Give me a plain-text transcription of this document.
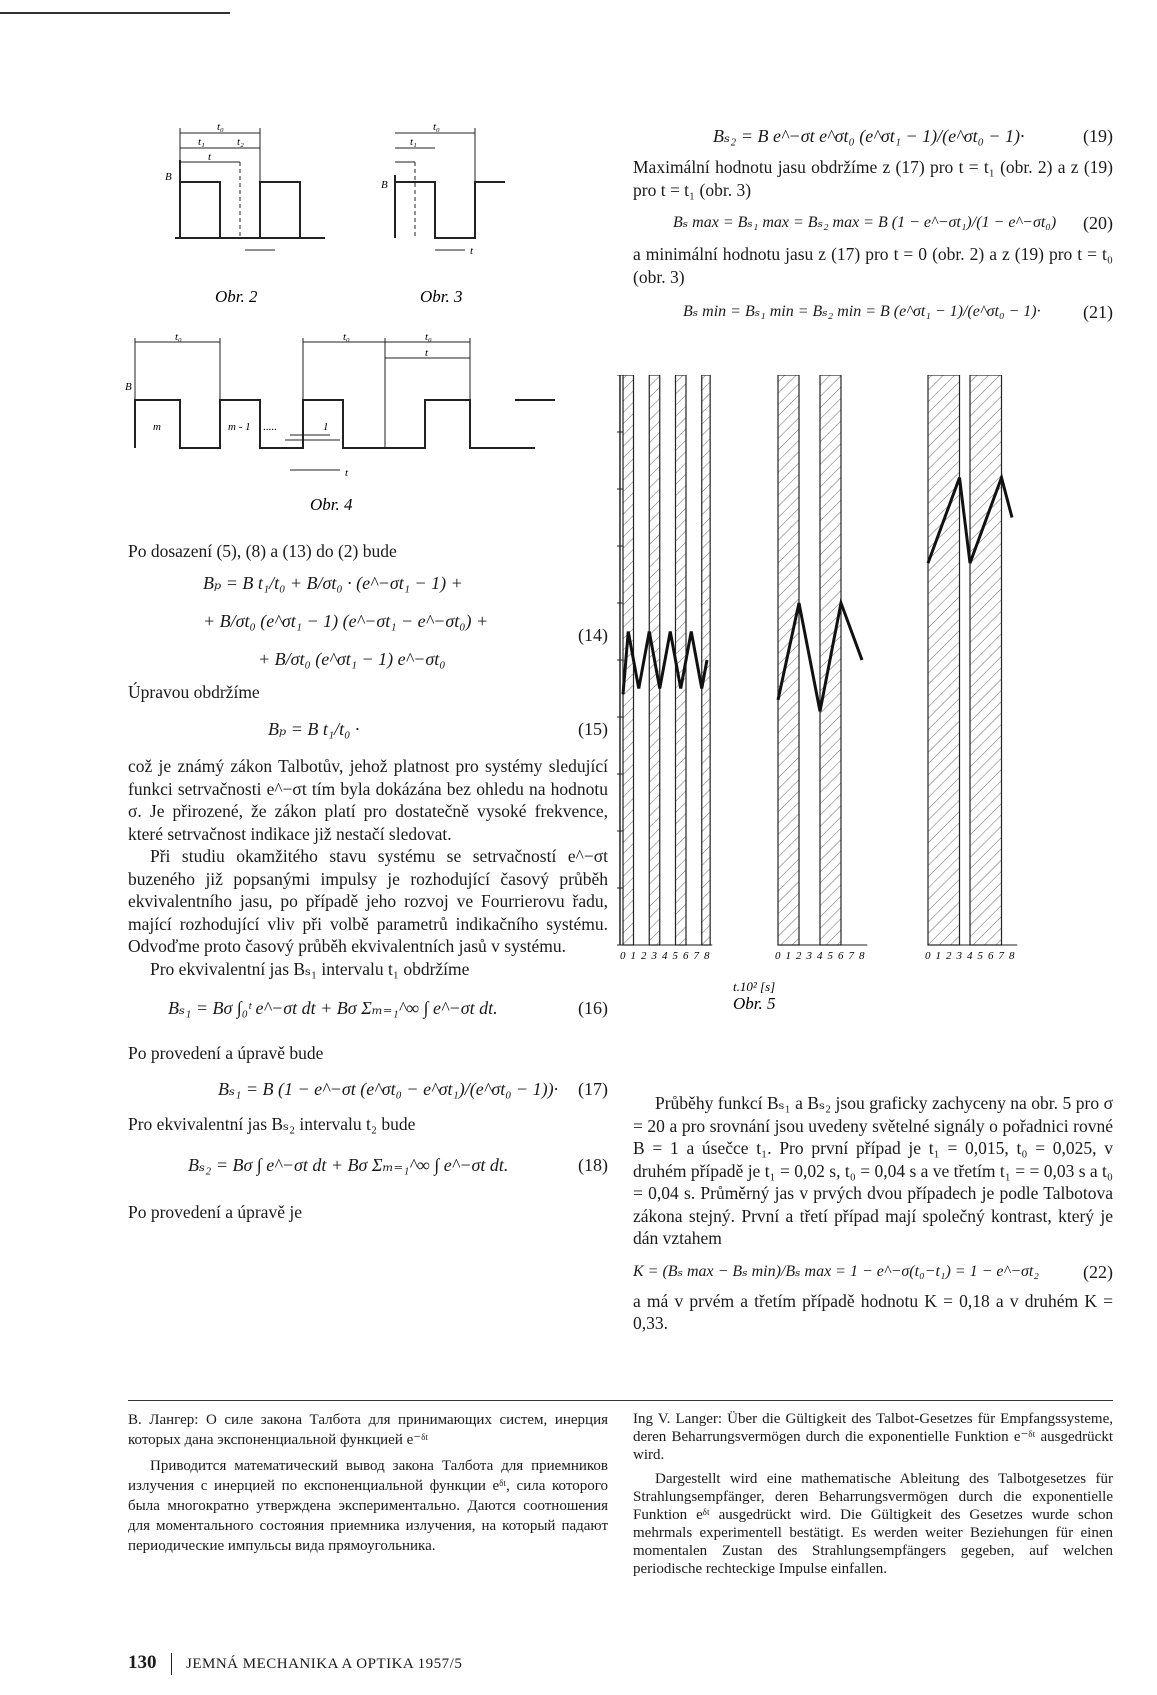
t₀
t₁	t₂
t
B
t₀
t₁
B
t
Obr. 2	Obr. 3
t₀	t₀	t₀
t
B
m	m - 1 .....	1
t
Obr. 4
0 1 2 3 4 5 6 7 8	0 1 2 3 4 5 6 7 8	0 1 2 3 4 5 6 7 8
t.10² [s]
Obr. 5

Po dosazení (5), (8) a (13) do (2) bude

Bₚ = B t₁/t₀ + B/σt₀ · (e^−σt₁ − 1) +
+ B/σt₀ (e^σt₁ − 1) (e^−σt₁ − e^−σt₀) +
(14)
+ B/σt₀ (e^σt₁ − 1) e^−σt₀

Úpravou obdržíme

Bₚ = B t₁/t₀ ·	(15)

což je známý zákon Talbotův, jehož platnost pro systémy sledující funkci setrvačnosti e^−σt tím byla dokázána bez ohledu na hodnotu σ. Je přirozené, že zákon platí pro dostatečně vysoké frekvence, které setrvačnost indikace již nestačí sledovat.

Při studiu okamžitého stavu systému se setrvačností e^−σt buzeného již popsanými impulsy je rozhodující časový průběh ekvivalentního jasu, po případě jeho rozvoj ve Fourrierovu řadu, mající rozhodující vliv při volbě parametrů indikačního systému. Odvoďme proto časový průběh ekvivalentních jasů v systému.

Pro ekvivalentní jas Bₛ₁ intervalu t₁ obdržíme

Bₛ₁ = Bσ ∫₀ᵗ e^−σt dt + Bσ Σₘ₌₁^∞ ∫ e^−σt dt.	(16)

Po provedení a úpravě bude

Bₛ₁ = B (1 − e^−σt (e^σt₀ − e^σt₁)/(e^σt₀ − 1))·	(17)

Pro ekvivalentní jas Bₛ₂ intervalu t₂ bude

Bₛ₂ = Bσ ∫ e^−σt dt + Bσ Σₘ₌₁^∞ ∫ e^−σt dt.	(18)

Po provedení a úpravě je

Bₛ₂ = B e^−σt e^σt₀ (e^σt₁ − 1)/(e^σt₀ − 1)·	(19)

Maximální hodnotu jasu obdržíme z (17) pro t = t₁ (obr. 2) a z (19) pro t = t₁ (obr. 3)

Bₛ max = Bₛ₁ max = Bₛ₂ max = B (1 − e^−σt₁)/(1 − e^−σt₀)	(20)

a minimální hodnotu jasu z (17) pro t = 0 (obr. 2) a z (19) pro t = t₀ (obr. 3)

Bₛ min = Bₛ₁ min = Bₛ₂ min = B (e^σt₁ − 1)/(e^σt₀ − 1)·	(21)

Průběhy funkcí Bₛ₁ a Bₛ₂ jsou graficky zachyceny na obr. 5 pro σ = 20 a pro srovnání jsou uvedeny světelné signály o pořadnici rovné B = 1 a úsečce t₁. Pro první případ je t₁ = 0,015, t₀ = 0,025, v druhém případě je t₁ = 0,02 s, t₀ = 0,04 s a ve třetím t₁ = = 0,03 s a t₀ = 0,04 s. Průměrný jas v prvých dvou případech je podle Talbotova zákona stejný. První a třetí případ mají společný kontrast, který je dán vztahem

K = (Bₛ max − Bₛ min)/Bₛ max = 1 − e^−σ(t₀−t₁) = 1 − e^−σt₂	(22)

a má v prvém a třetím případě hodnotu K = 0,18 a v druhém K = 0,33.

В. Лангер: О силе закона Талбота для принимающих систем, инерция которых дана экспоненциальной функцией e⁻ᵟᵗ

Приводится математический вывод закона Талбота для приемников излучения с инерцией по експоненциальной функции eᵟᵗ, сила которого была многократно утверждена экспериментально. Даются соотношения для моментального состояния приемника излучения, на который падают периодические импульсы вида прямоугольника.

Ing V. Langer: Über die Gültigkeit des Talbot-Gesetzes für Empfangssysteme, deren Beharrungsvermögen durch die exponentielle Funktion e⁻ᵟᵗ ausgedrückt wird.

Dargestellt wird eine mathematische Ableitung des Talbotgesetzes für Strahlungsempfänger, deren Beharrungsvermögen durch die exponentielle Funktion eᵟᵗ ausgedrückt wird. Die Gültigkeit des Gesetzes wurde schon mehrmals experimentell bestätigt. Es werden weiter Beziehungen für einen momentalen Zustan des Strahlungsempfängers gegeben, auf welchen periodische rechteckige Impulse einfallen.

130 JEMNÁ MECHANIKA A OPTIKA 1957/5
